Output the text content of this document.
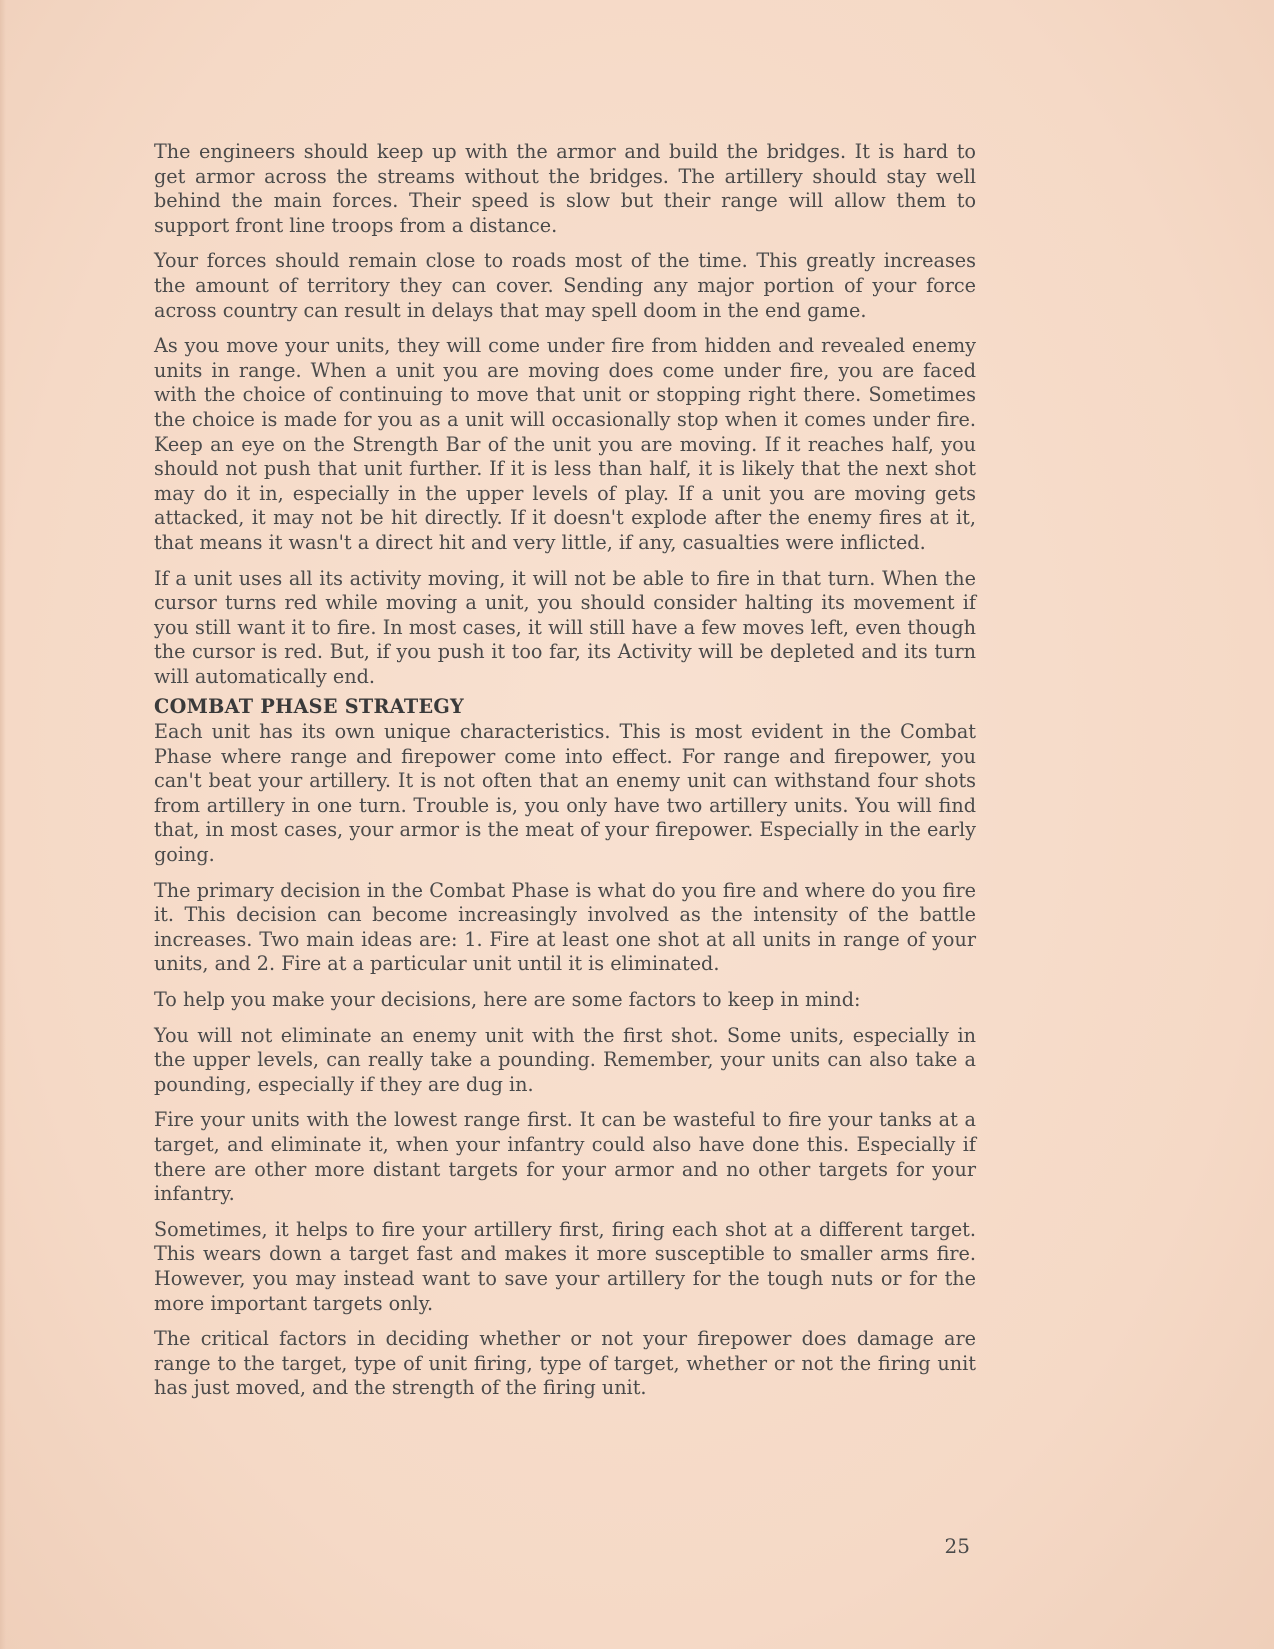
The engineers should keep up with the armor and build the bridges. It is hard to get armor across the streams without the bridges. The artillery should stay well behind the main forces. Their speed is slow but their range will allow them to support front line troops from a distance.

Your forces should remain close to roads most of the time. This greatly increases the amount of territory they can cover. Sending any major portion of your force across country can result in delays that may spell doom in the end game.

As you move your units, they will come under fire from hidden and revealed enemy units in range. When a unit you are moving does come under fire, you are faced with the choice of continuing to move that unit or stopping right there. Sometimes the choice is made for you as a unit will occasionally stop when it comes under fire. Keep an eye on the Strength Bar of the unit you are moving. If it reaches half, you should not push that unit further. If it is less than half, it is likely that the next shot may do it in, especially in the upper levels of play. If a unit you are moving gets attacked, it may not be hit directly. If it doesn't explode after the enemy fires at it, that means it wasn't a direct hit and very little, if any, casualties were inflicted.

If a unit uses all its activity moving, it will not be able to fire in that turn. When the cursor turns red while moving a unit, you should consider halting its movement if you still want it to fire. In most cases, it will still have a few moves left, even though the cursor is red. But, if you push it too far, its Activity will be depleted and its turn will automatically end.

COMBAT PHASE STRATEGY

Each unit has its own unique characteristics. This is most evident in the Combat Phase where range and firepower come into effect. For range and firepower, you can't beat your artillery. It is not often that an enemy unit can withstand four shots from artillery in one turn. Trouble is, you only have two artillery units. You will find that, in most cases, your armor is the meat of your firepower. Especially in the early going.

The primary decision in the Combat Phase is what do you fire and where do you fire it. This decision can become increasingly involved as the intensity of the battle increases. Two main ideas are: 1. Fire at least one shot at all units in range of your units, and 2. Fire at a particular unit until it is eliminated.

To help you make your decisions, here are some factors to keep in mind:

You will not eliminate an enemy unit with the first shot. Some units, especially in the upper levels, can really take a pounding. Remember, your units can also take a pounding, especially if they are dug in.

Fire your units with the lowest range first. It can be wasteful to fire your tanks at a target, and eliminate it, when your infantry could also have done this. Especially if there are other more distant targets for your armor and no other targets for your infantry.

Sometimes, it helps to fire your artillery first, firing each shot at a different target. This wears down a target fast and makes it more susceptible to smaller arms fire. However, you may instead want to save your artillery for the tough nuts or for the more important targets only.

The critical factors in deciding whether or not your firepower does damage are range to the target, type of unit firing, type of target, whether or not the firing unit has just moved, and the strength of the firing unit.

25
